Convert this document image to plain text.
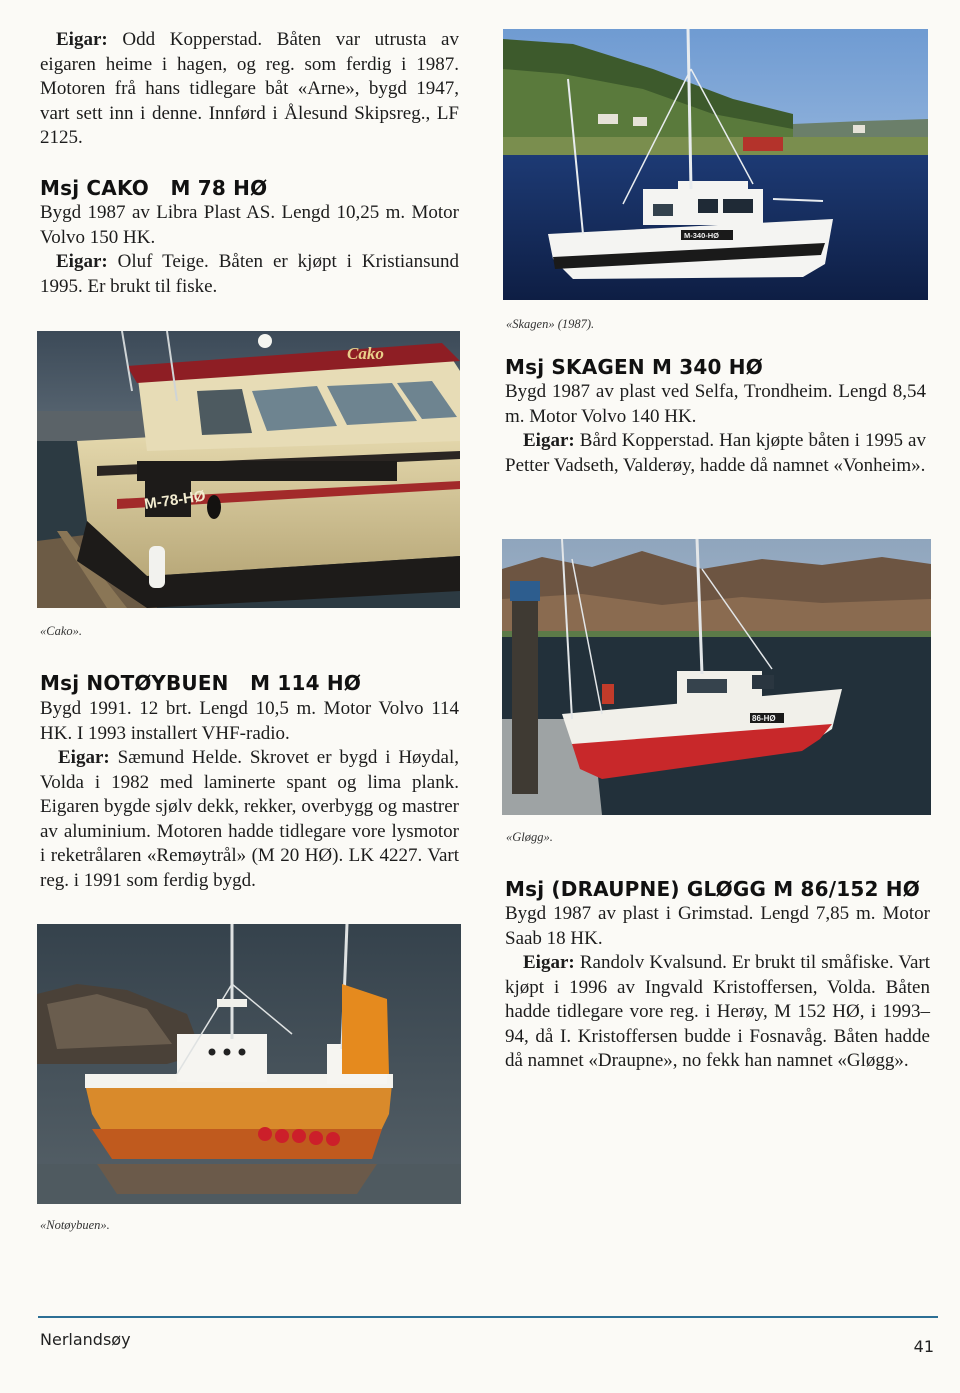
Eigar: Odd Kopperstad. Båten var utrusta av eigaren heime i hagen, og reg. som ferdig i 1987. Motoren frå hans tidlegare båt «Arne», bygd 1947, vart sett inn i denne. Innførd i Ålesund Skipsreg., LF 2125.

Msj CAKO   M 78 HØ

Bygd 1987 av Libra Plast AS. Lengd 10,25 m. Motor Volvo 150 HK.

Eigar: Oluf Teige. Båten er kjøpt i Kristiansund 1995. Er brukt til fiske.

Cako
M-78-HØ

«Cako».

Msj NOTØYBUEN   M 114 HØ

Bygd 1991. 12 brt. Lengd 10,5 m. Motor Volvo 114 HK. I 1993 installert VHF-radio.

Eigar: Sæmund Helde. Skrovet er bygd i Høydal, Volda i 1982 med laminerte spant og lima plank. Eigaren bygde sjølv dekk, rekker, overbygg og mastrer av aluminium. Motoren hadde tidlegare vore lysmotor i reketrålaren «Remøytrål» (M 20 HØ). LK 4227. Vart reg. i 1991 som ferdig bygd.

«Notøybuen».

M-340-HØ

«Skagen» (1987).

Msj SKAGEN M 340 HØ

Bygd 1987 av plast ved Selfa, Trondheim. Lengd 8,54 m. Motor Volvo 140 HK.

Eigar: Bård Kopperstad. Han kjøpte båten i 1995 av Petter Vadseth, Valderøy, hadde då namnet «Vonheim».

86-HØ

«Gløgg».

Msj (DRAUPNE) GLØGG M 86/152 HØ

Bygd 1987 av plast i Grimstad. Lengd 7,85 m. Motor Saab 18 HK.

Eigar: Randolv Kvalsund. Er brukt til småfiske. Vart kjøpt i 1996 av Ingvald Kristoffersen, Volda. Båten hadde tidlegare vore reg. i Herøy, M 152 HØ, i 1993–94, då I. Kristoffersen budde i Fosnavåg. Båten hadde då namnet «Draupne», no fekk han namnet «Gløgg».

Nerlandsøy	41
